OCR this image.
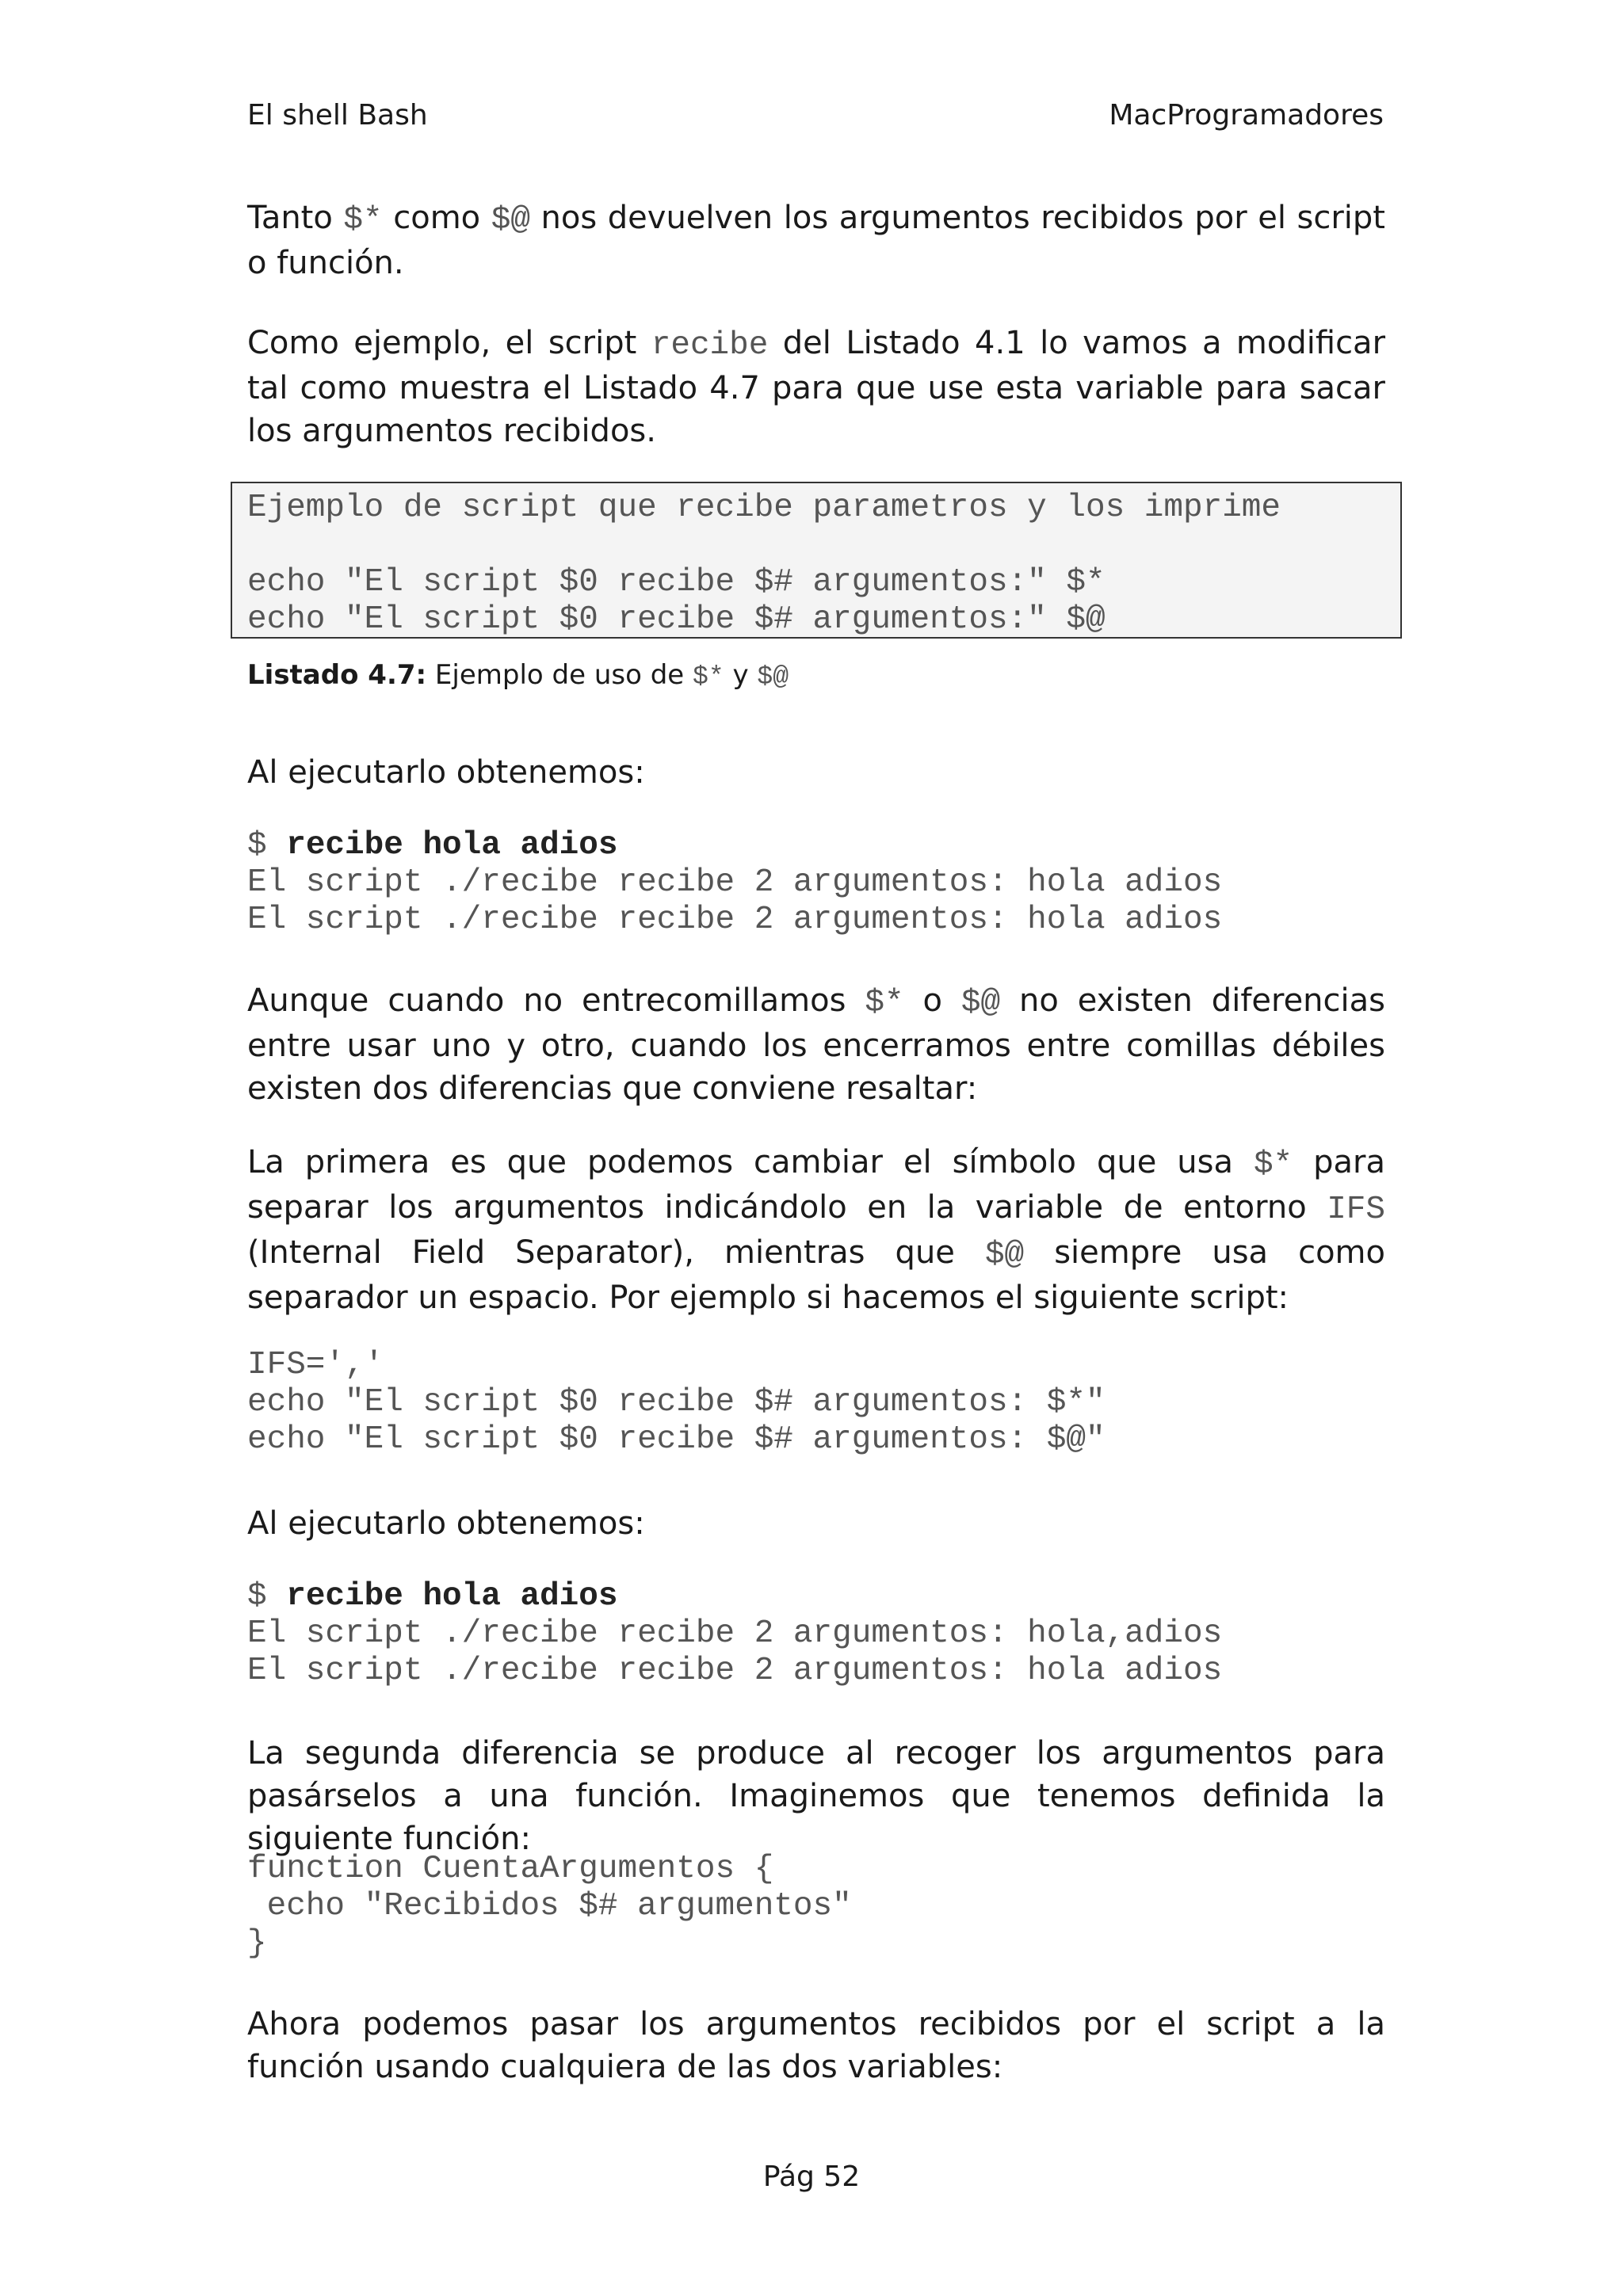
El shell Bash	MacProgramadores

Tanto $* como $@ nos devuelven los argumentos recibidos por el script o función.

Como ejemplo, el script recibe del Listado 4.1 lo vamos a modificar tal como muestra el Listado 4.7 para que use esta variable para sacar los argumentos recibidos.

Ejemplo de script que recibe parametros y los imprime

echo "El script $0 recibe $# argumentos:" $*
echo "El script $0 recibe $# argumentos:" $@
Listado 4.7: Ejemplo de uso de $* y $@

Al ejecutarlo obtenemos:

$ recibe hola adios
El script ./recibe recibe 2 argumentos: hola adios
El script ./recibe recibe 2 argumentos: hola adios

Aunque cuando no entrecomillamos $* o $@ no existen diferencias entre usar uno y otro, cuando los encerramos entre comillas débiles existen dos diferencias que conviene resaltar:

La primera es que podemos cambiar el símbolo que usa $* para separar los argumentos indicándolo en la variable de entorno IFS (Internal Field Separator), mientras que $@ siempre usa como separador un espacio. Por ejemplo si hacemos el siguiente script:

IFS=','
echo "El script $0 recibe $# argumentos: $*"
echo "El script $0 recibe $# argumentos: $@"

Al ejecutarlo obtenemos:

$ recibe hola adios
El script ./recibe recibe 2 argumentos: hola,adios
El script ./recibe recibe 2 argumentos: hola adios

La segunda diferencia se produce al recoger los argumentos para pasárselos a una función. Imaginemos que tenemos definida la siguiente función:

function CuentaArgumentos {
echo "Recibidos $# argumentos"
}

Ahora podemos pasar los argumentos recibidos por el script a la función usando cualquiera de las dos variables:

Pág 52
